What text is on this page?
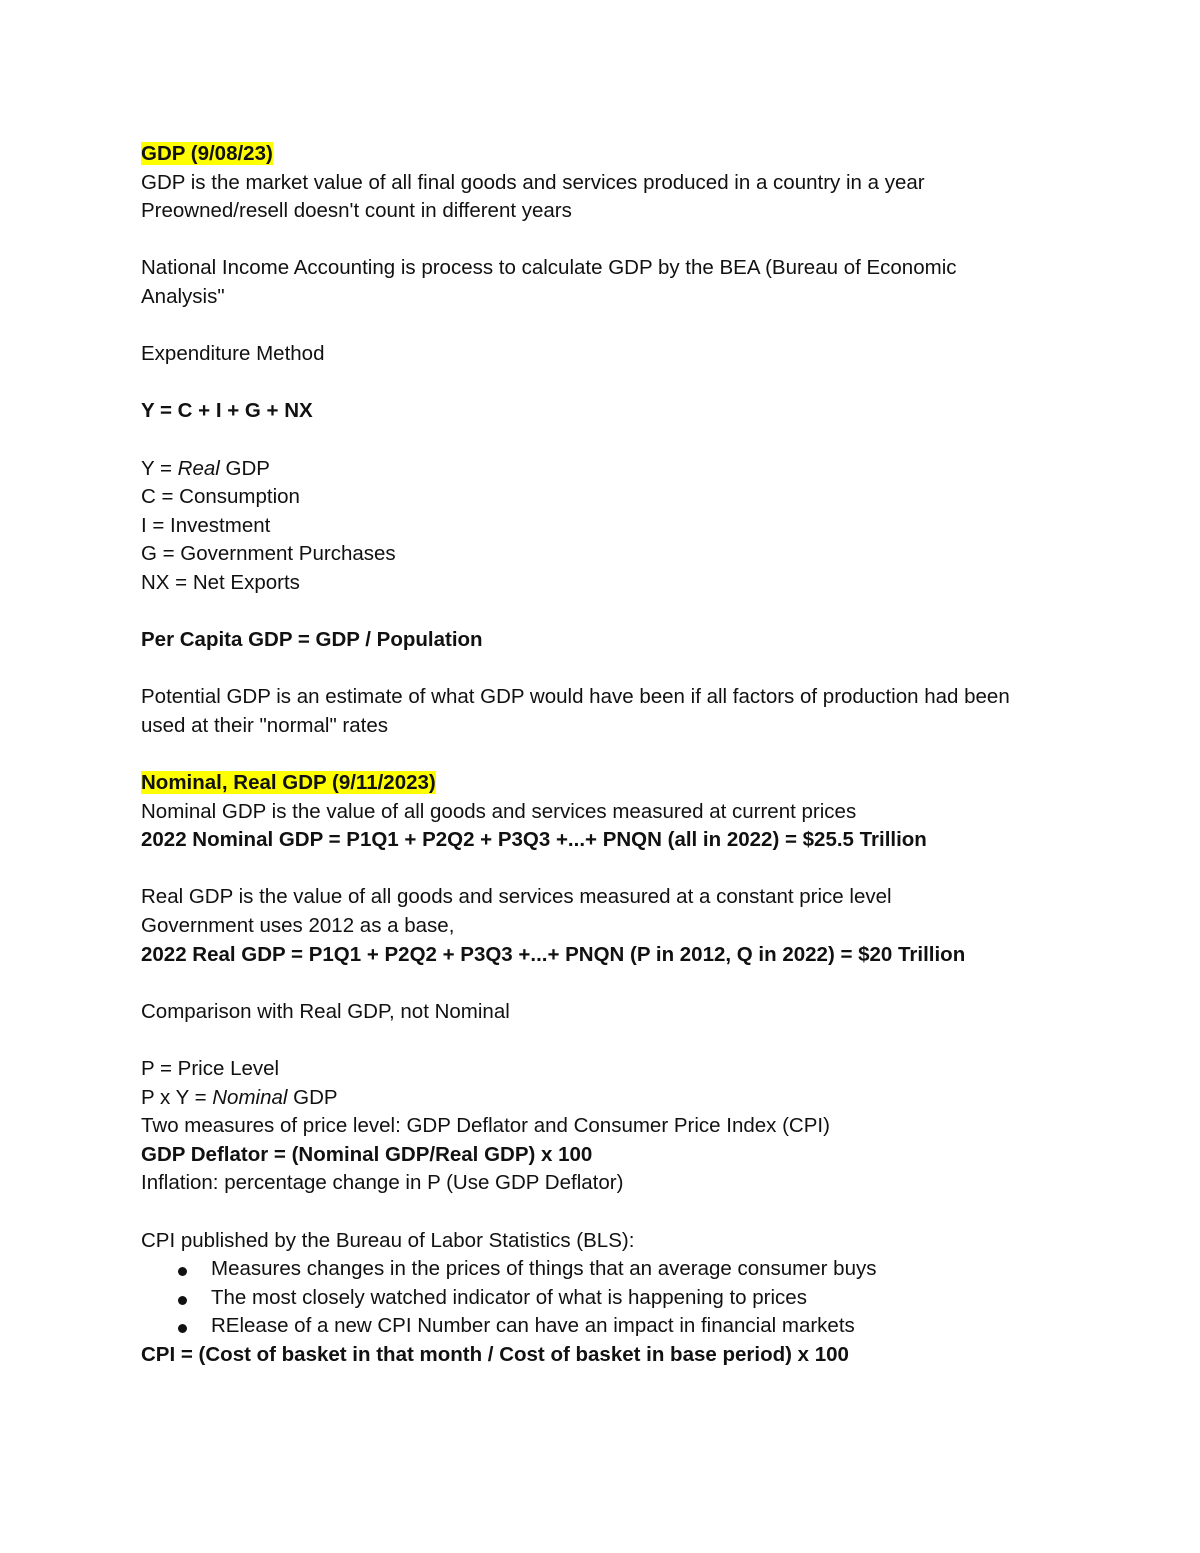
GDP (9/08/23)
GDP is the market value of all final goods and services produced in a country in a year
Preowned/resell doesn't count in different years
National Income Accounting is process to calculate GDP by the BEA (Bureau of Economic
Analysis"
Expenditure Method
Y = C + I + G + NX
Y = Real GDP
C = Consumption
I = Investment
G = Government Purchases
NX = Net Exports
Per Capita GDP = GDP / Population
Potential GDP is an estimate of what GDP would have been if all factors of production had been
used at their "normal" rates
Nominal, Real GDP (9/11/2023)
Nominal GDP is the value of all goods and services measured at current prices
2022 Nominal GDP = P1Q1 + P2Q2 + P3Q3 +...+ PNQN (all in 2022) = $25.5 Trillion
Real GDP is the value of all goods and services measured at a constant price level
Government uses 2012 as a base,
2022 Real GDP = P1Q1 + P2Q2 + P3Q3 +...+ PNQN (P in 2012, Q in 2022) = $20 Trillion
Comparison with Real GDP, not Nominal
P = Price Level
P x Y = Nominal GDP
Two measures of price level: GDP Deflator and Consumer Price Index (CPI)
GDP Deflator = (Nominal GDP/Real GDP) x 100
Inflation: percentage change in P (Use GDP Deflator)
CPI published by the Bureau of Labor Statistics (BLS):
Measures changes in the prices of things that an average consumer buys
The most closely watched indicator of what is happening to prices
RElease of a new CPI Number can have an impact in financial markets
CPI = (Cost of basket in that month / Cost of basket in base period) x 100
